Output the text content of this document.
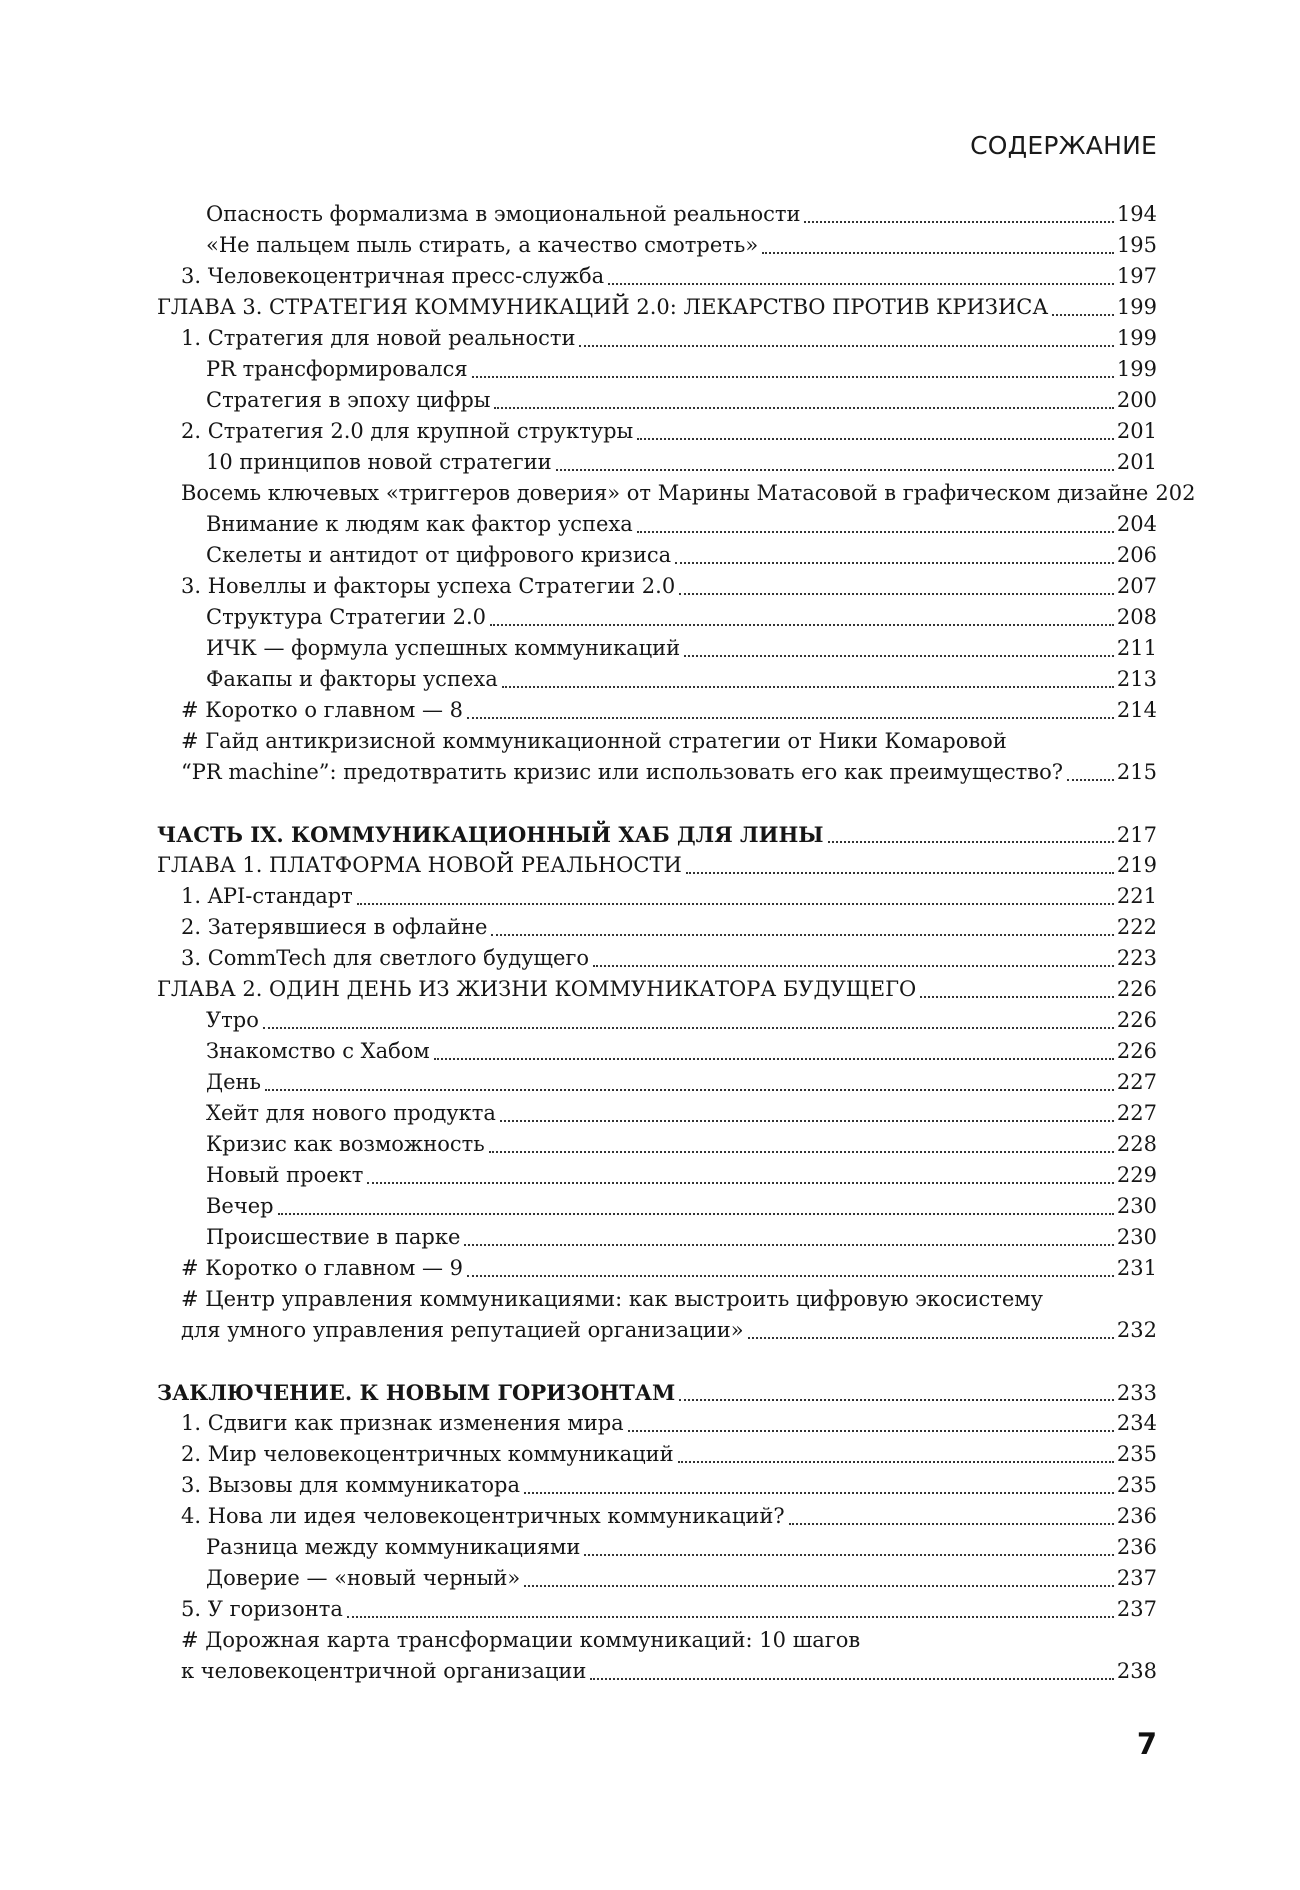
СОДЕРЖАНИЕ
Опасность формализма в эмоциональной реальности	194
«Не пальцем пыль стирать, а качество смотреть»	195
3. Человекоцентричная пресс-служба	197
ГЛАВА 3. СТРАТЕГИЯ КОММУНИКАЦИЙ 2.0: ЛЕКАРСТВО ПРОТИВ КРИЗИСА	199
1. Стратегия для новой реальности	199
PR трансформировался	199
Стратегия в эпоху цифры	200
2. Стратегия 2.0 для крупной структуры	201
10 принципов новой стратегии	201
Восемь ключевых «триггеров доверия» от Марины Матасовой в графическом дизайне 202
Внимание к людям как фактор успеха	204
Скелеты и антидот от цифрового кризиса	206
3. Новеллы и факторы успеха Стратегии 2.0	207
Структура Стратегии 2.0	208
ИЧК — формула успешных коммуникаций	211
Факапы и факторы успеха	213
# Коротко о главном — 8	214
# Гайд антикризисной коммуникационной стратегии от Ники Комаровой
“PR machine”: предотвратить кризис или использовать его как преимущество?	215
ЧАСТЬ IX. КОММУНИКАЦИОННЫЙ ХАБ ДЛЯ ЛИНЫ	217
ГЛАВА 1. ПЛАТФОРМА НОВОЙ РЕАЛЬНОСТИ	219
1. API-стандарт	221
2. Затерявшиеся в офлайне	222
3. CommTech для светлого будущего	223
ГЛАВА 2. ОДИН ДЕНЬ ИЗ ЖИЗНИ КОММУНИКАТОРА БУДУЩЕГО	226
Утро	226
Знакомство с Хабом	226
День	227
Хейт для нового продукта	227
Кризис как возможность	228
Новый проект	229
Вечер	230
Происшествие в парке	230
# Коротко о главном — 9	231
# Центр управления коммуникациями: как выстроить цифровую экосистему
для умного управления репутацией организации»	232
ЗАКЛЮЧЕНИЕ. К НОВЫМ ГОРИЗОНТАМ	233
1. Сдвиги как признак изменения мира	234
2. Мир человекоцентричных коммуникаций	235
3. Вызовы для коммуникатора	235
4. Нова ли идея человекоцентричных коммуникаций?	236
Разница между коммуникациями	236
Доверие — «новый черный»	237
5. У горизонта	237
# Дорожная карта трансформации коммуникаций: 10 шагов
к человекоцентричной организации	238
7
